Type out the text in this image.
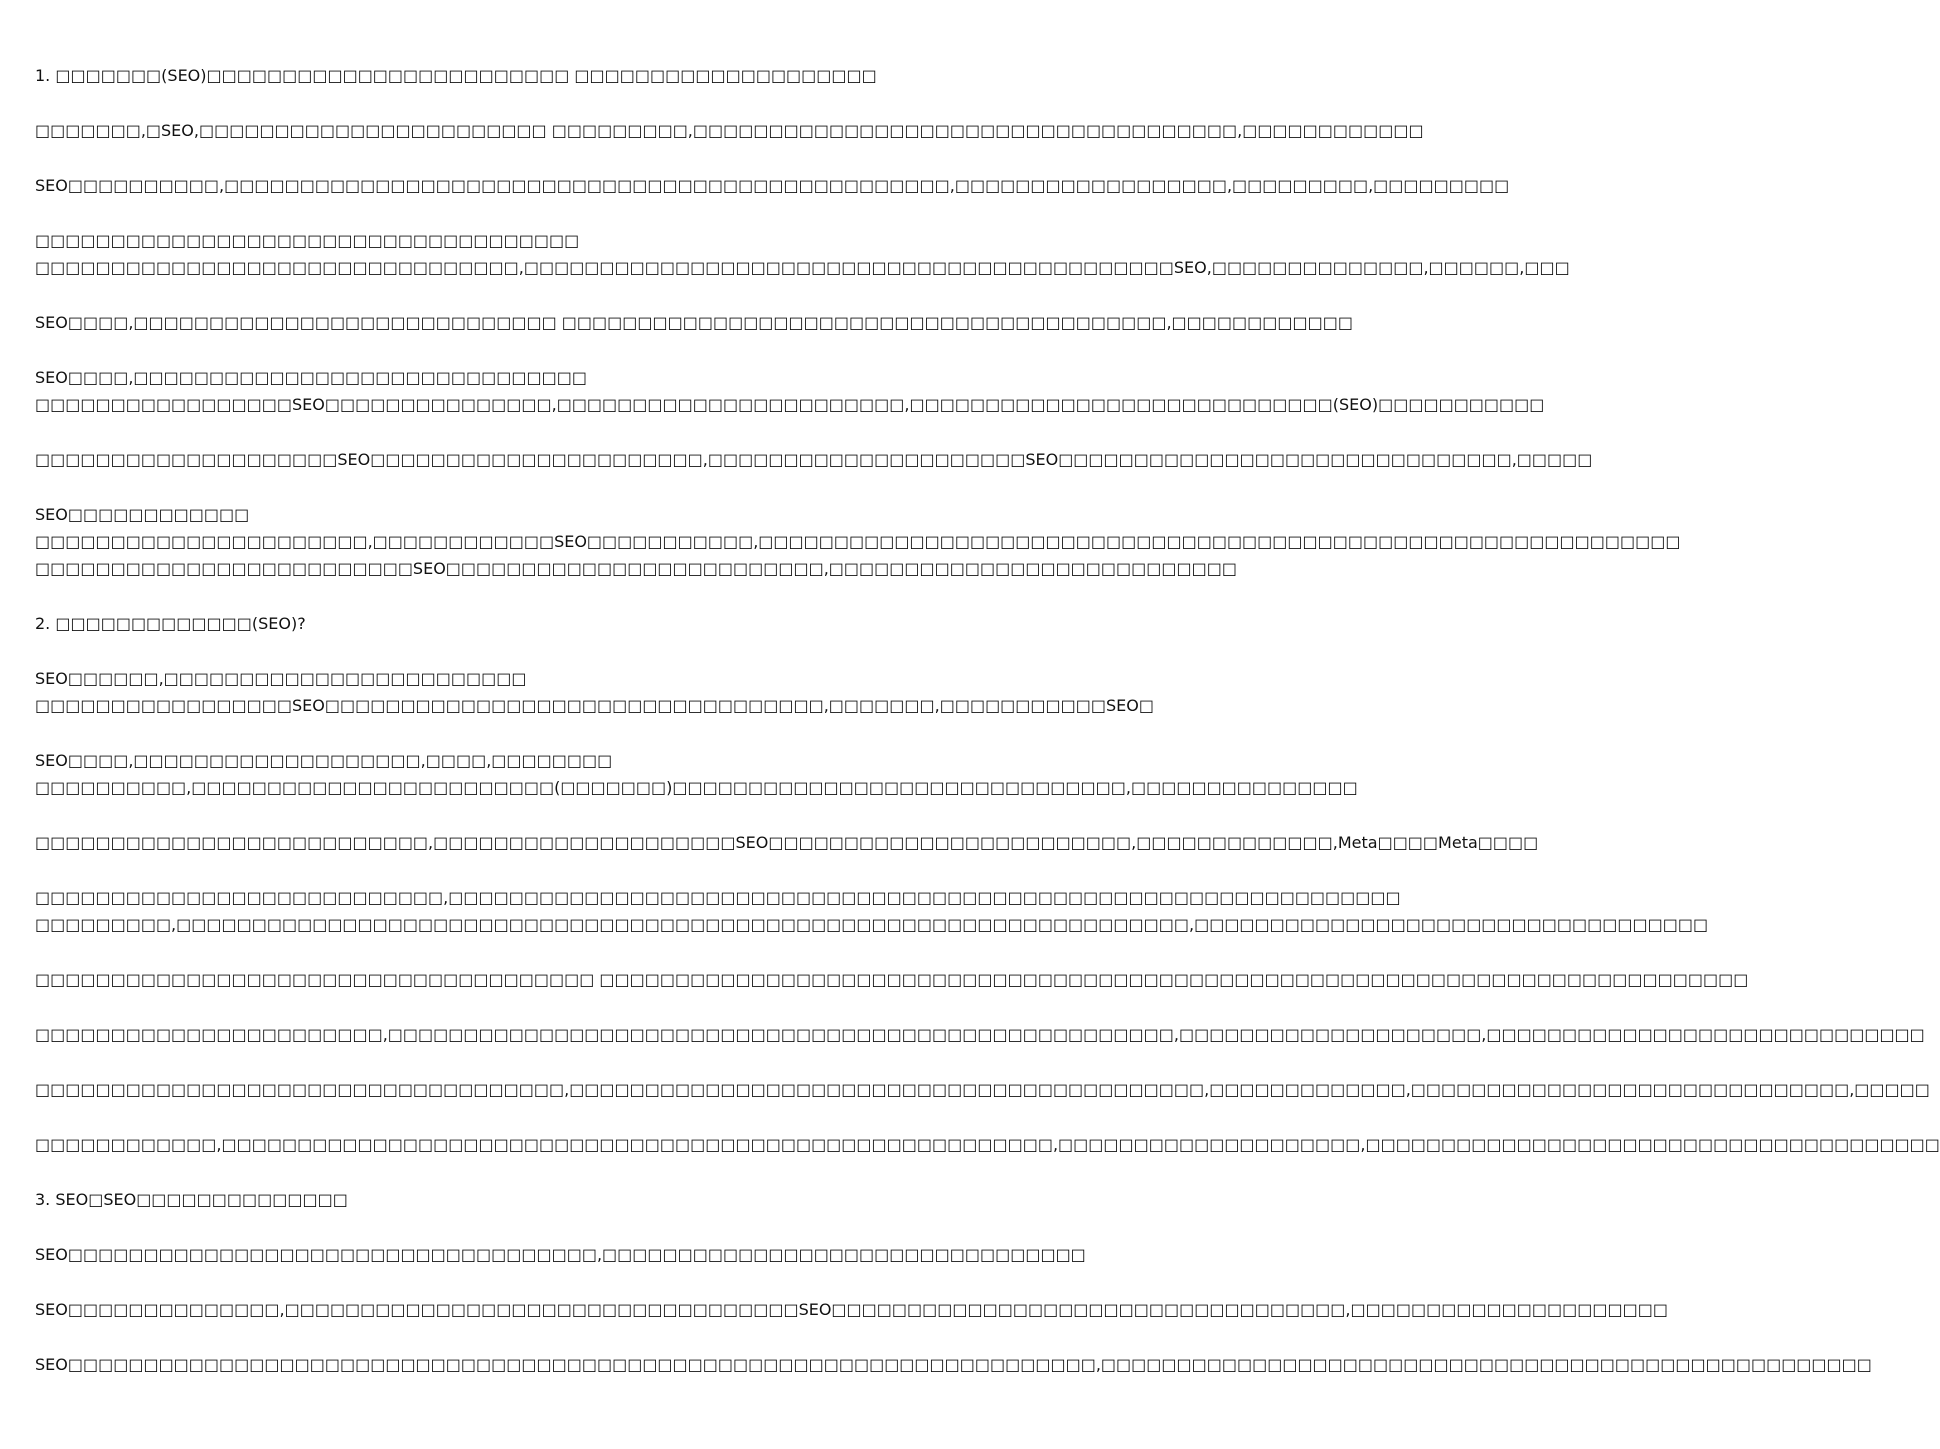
1. □□□□□□□(SEO)□□□□□□□□□□□□□□□□□□□□□□□□ □□□□□□□□□□□□□□□□□□□□
□□□□□□□,□SEO,□□□□□□□□□□□□□□□□□□□□□□□ □□□□□□□□□,□□□□□□□□□□□□□□□□□□□□□□□□□□□□□□□□□□□□,□□□□□□□□□□□□
SEO□□□□□□□□□□,□□□□□□□□□□□□□□□□□□□□□□□□□□□□□□□□□□□□□□□□□□□□□□□□,□□□□□□□□□□□□□□□□□□,□□□□□□□□□,□□□□□□□□□
□□□□□□□□□□□□□□□□□□□□□□□□□□□□□□□□□□□□
□□□□□□□□□□□□□□□□□□□□□□□□□□□□□□□□,□□□□□□□□□□□□□□□□□□□□□□□□□□□□□□□□□□□□□□□□□□□SEO,□□□□□□□□□□□□□□,□□□□□□,□□□
SEO□□□□,□□□□□□□□□□□□□□□□□□□□□□□□□□□□ □□□□□□□□□□□□□□□□□□□□□□□□□□□□□□□□□□□□□□□□,□□□□□□□□□□□□
SEO□□□□,□□□□□□□□□□□□□□□□□□□□□□□□□□□□□□
□□□□□□□□□□□□□□□□□SEO□□□□□□□□□□□□□□□,□□□□□□□□□□□□□□□□□□□□□□□,□□□□□□□□□□□□□□□□□□□□□□□□□□□□(SEO)□□□□□□□□□□□
□□□□□□□□□□□□□□□□□□□□SEO□□□□□□□□□□□□□□□□□□□□□□,□□□□□□□□□□□□□□□□□□□□□SEO□□□□□□□□□□□□□□□□□□□□□□□□□□□□□□,□□□□□
SEO□□□□□□□□□□□□
□□□□□□□□□□□□□□□□□□□□□□,□□□□□□□□□□□□SEO□□□□□□□□□□□,□□□□□□□□□□□□□□□□□□□□□□□□□□□□□□□□□□□□□□□□□□□□□□□□□□□□□□□□□□□□□
□□□□□□□□□□□□□□□□□□□□□□□□□SEO□□□□□□□□□□□□□□□□□□□□□□□□□,□□□□□□□□□□□□□□□□□□□□□□□□□□□
2. □□□□□□□□□□□□□(SEO)?
SEO□□□□□□,□□□□□□□□□□□□□□□□□□□□□□□□
□□□□□□□□□□□□□□□□□SEO□□□□□□□□□□□□□□□□□□□□□□□□□□□□□□□□□,□□□□□□□,□□□□□□□□□□□SEO□
SEO□□□□,□□□□□□□□□□□□□□□□□□□,□□□□,□□□□□□□□
□□□□□□□□□□,□□□□□□□□□□□□□□□□□□□□□□□□(□□□□□□□)□□□□□□□□□□□□□□□□□□□□□□□□□□□□□□,□□□□□□□□□□□□□□□
□□□□□□□□□□□□□□□□□□□□□□□□□□,□□□□□□□□□□□□□□□□□□□□SEO□□□□□□□□□□□□□□□□□□□□□□□□,□□□□□□□□□□□□□,Meta□□□□Meta□□□□
□□□□□□□□□□□□□□□□□□□□□□□□□□□,□□□□□□□□□□□□□□□□□□□□□□□□□□□□□□□□□□□□□□□□□□□□□□□□□□□□□□□□□□□□□□□
□□□□□□□□□,□□□□□□□□□□□□□□□□□□□□□□□□□□□□□□□□□□□□□□□□□□□□□□□□□□□□□□□□□□□□□□□□□□□,□□□□□□□□□□□□□□□□□□□□□□□□□□□□□□□□□□
□□□□□□□□□□□□□□□□□□□□□□□□□□□□□□□□□□□□□ □□□□□□□□□□□□□□□□□□□□□□□□□□□□□□□□□□□□□□□□□□□□□□□□□□□□□□□□□□□□□□□□□□□□□□□□□□□□
□□□□□□□□□□□□□□□□□□□□□□□,□□□□□□□□□□□□□□□□□□□□□□□□□□□□□□□□□□□□□□□□□□□□□□□□□□□□,□□□□□□□□□□□□□□□□□□□□,□□□□□□□□□□□□□□□□□□□□□□□□□□□□□
□□□□□□□□□□□□□□□□□□□□□□□□□□□□□□□□□□□,□□□□□□□□□□□□□□□□□□□□□□□□□□□□□□□□□□□□□□□□□□,□□□□□□□□□□□□□,□□□□□□□□□□□□□□□□□□□□□□□□□□□□□,□□□□□
□□□□□□□□□□□□,□□□□□□□□□□□□□□□□□□□□□□□□□□□□□□□□□□□□□□□□□□□□□□□□□□□□□□□,□□□□□□□□□□□□□□□□□□□□,□□□□□□□□□□□□□□□□□□□□□□□□□□□□□□□□□□□□□□
3. SEO□SEO□□□□□□□□□□□□□□
SEO□□□□□□□□□□□□□□□□□□□□□□□□□□□□□□□□□□□,□□□□□□□□□□□□□□□□□□□□□□□□□□□□□□□□
SEO□□□□□□□□□□□□□□,□□□□□□□□□□□□□□□□□□□□□□□□□□□□□□□□□□SEO□□□□□□□□□□□□□□□□□□□□□□□□□□□□□□□□□□,□□□□□□□□□□□□□□□□□□□□□
SEO□□□□□□□□□□□□□□□□□□□□□□□□□□□□□□□□□□□□□□□□□□□□□□□□□□□□□□□□□□□□□□□□□□□□,□□□□□□□□□□□□□□□□□□□□□□□□□□□□□□□□□□□□□□□□□□□□□□□□□□□
